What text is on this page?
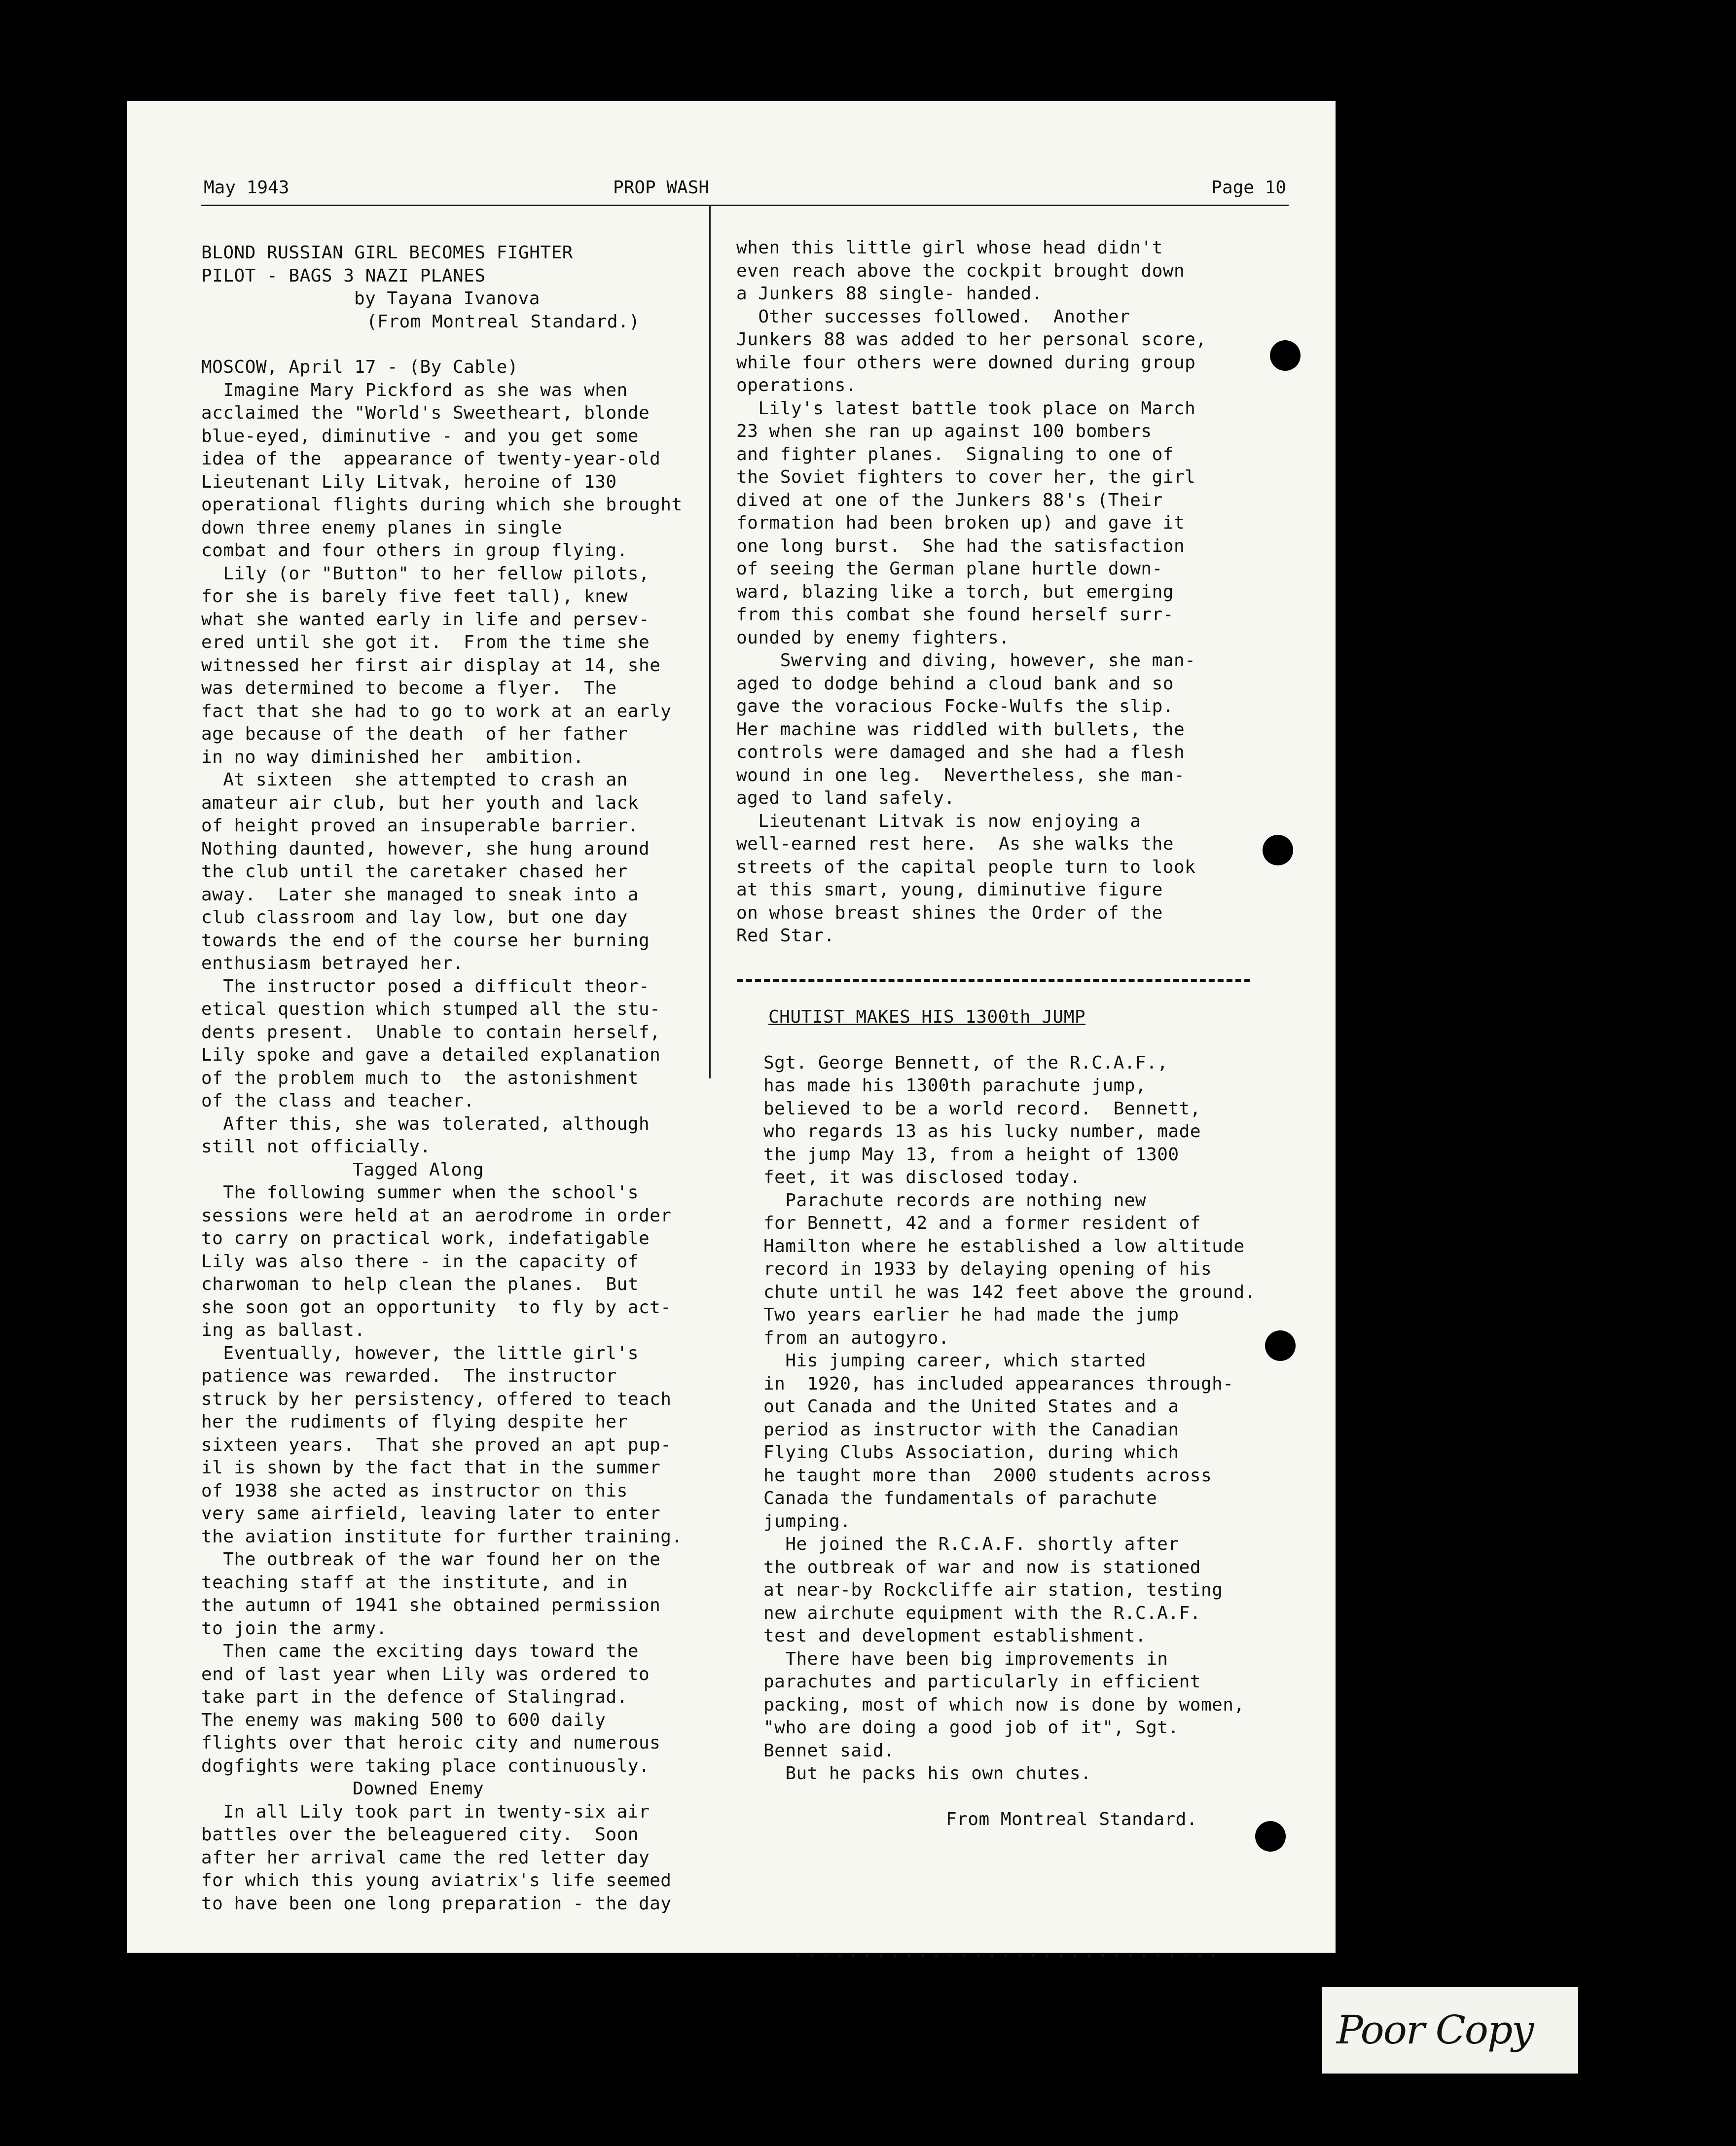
May 1943	PROP WASH	Page 10

BLOND RUSSIAN GIRL BECOMES FIGHTER

PILOT - BAGS 3 NAZI PLANES

by Tayana Ivanova

(From Montreal Standard.)

MOSCOW, April 17 - (By Cable)

Imagine Mary Pickford as she was when

acclaimed the "World's Sweetheart, blonde

blue-eyed, diminutive - and you get some

idea of the  appearance of twenty-year-old

Lieutenant Lily Litvak, heroine of 130

operational flights during which she brought

down three enemy planes in single

combat and four others in group flying.

Lily (or "Button" to her fellow pilots,

for she is barely five feet tall), knew

what she wanted early in life and persev-

ered until she got it.  From the time she

witnessed her first air display at 14, she

was determined to become a flyer.  The

fact that she had to go to work at an early

age because of the death  of her father

in no way diminished her  ambition.

At sixteen  she attempted to crash an

amateur air club, but her youth and lack

of height proved an insuperable barrier.

Nothing daunted, however, she hung around

the club until the caretaker chased her

away.  Later she managed to sneak into a

club classroom and lay low, but one day

towards the end of the course her burning

enthusiasm betrayed her.

The instructor posed a difficult theor-

etical question which stumped all the stu-

dents present.  Unable to contain herself,

Lily spoke and gave a detailed explanation

of the problem much to  the astonishment

of the class and teacher.

After this, she was tolerated, although

still not officially.

Tagged Along

The following summer when the school's

sessions were held at an aerodrome in order

to carry on practical work, indefatigable

Lily was also there - in the capacity of

charwoman to help clean the planes.  But

she soon got an opportunity  to fly by act-

ing as ballast.

Eventually, however, the little girl's

patience was rewarded.  The instructor

struck by her persistency, offered to teach

her the rudiments of flying despite her

sixteen years.  That she proved an apt pup-

il is shown by the fact that in the summer

of 1938 she acted as instructor on this

very same airfield, leaving later to enter

the aviation institute for further training.

The outbreak of the war found her on the

teaching staff at the institute, and in

the autumn of 1941 she obtained permission

to join the army.

Then came the exciting days toward the

end of last year when Lily was ordered to

take part in the defence of Stalingrad.

The enemy was making 500 to 600 daily

flights over that heroic city and numerous

dogfights were taking place continuously.

Downed Enemy

In all Lily took part in twenty-six air

battles over the beleaguered city.  Soon

after her arrival came the red letter day

for which this young aviatrix's life seemed

to have been one long preparation - the day

when this little girl whose head didn't

even reach above the cockpit brought down

a Junkers 88 single- handed.

Other successes followed.  Another

Junkers 88 was added to her personal score,

while four others were downed during group

operations.

Lily's latest battle took place on March

23 when she ran up against 100 bombers

and fighter planes.  Signaling to one of

the Soviet fighters to cover her, the girl

dived at one of the Junkers 88's (Their

formation had been broken up) and gave it

one long burst.  She had the satisfaction

of seeing the German plane hurtle down-

ward, blazing like a torch, but emerging

from this combat she found herself surr-

ounded by enemy fighters.

Swerving and diving, however, she man-

aged to dodge behind a cloud bank and so

gave the voracious Focke-Wulfs the slip.

Her machine was riddled with bullets, the

controls were damaged and she had a flesh

wound in one leg.  Nevertheless, she man-

aged to land safely.

Lieutenant Litvak is now enjoying a

well-earned rest here.  As she walks the

streets of the capital people turn to look

at this smart, young, diminutive figure

on whose breast shines the Order of the

Red Star.

CHUTIST MAKES HIS 1300th JUMP

Sgt. George Bennett, of the R.C.A.F.,

has made his 1300th parachute jump,

believed to be a world record.  Bennett,

who regards 13 as his lucky number, made

the jump May 13, from a height of 1300

feet, it was disclosed today.

Parachute records are nothing new

for Bennett, 42 and a former resident of

Hamilton where he established a low altitude

record in 1933 by delaying opening of his

chute until he was 142 feet above the ground.

Two years earlier he had made the jump

from an autogyro.

His jumping career, which started

in  1920, has included appearances through-

out Canada and the United States and a

period as instructor with the Canadian

Flying Clubs Association, during which

he taught more than  2000 students across

Canada the fundamentals of parachute

jumping.

He joined the R.C.A.F. shortly after

the outbreak of war and now is stationed

at near-by Rockcliffe air station, testing

new airchute equipment with the R.C.A.F.

test and development establishment.

There have been big improvements in

parachutes and particularly in efficient

packing, most of which now is done by women,

"who are doing a good job of it", Sgt.

Bennet said.

But he packs his own chutes.

From Montreal Standard.

...............................
Poor Copy
